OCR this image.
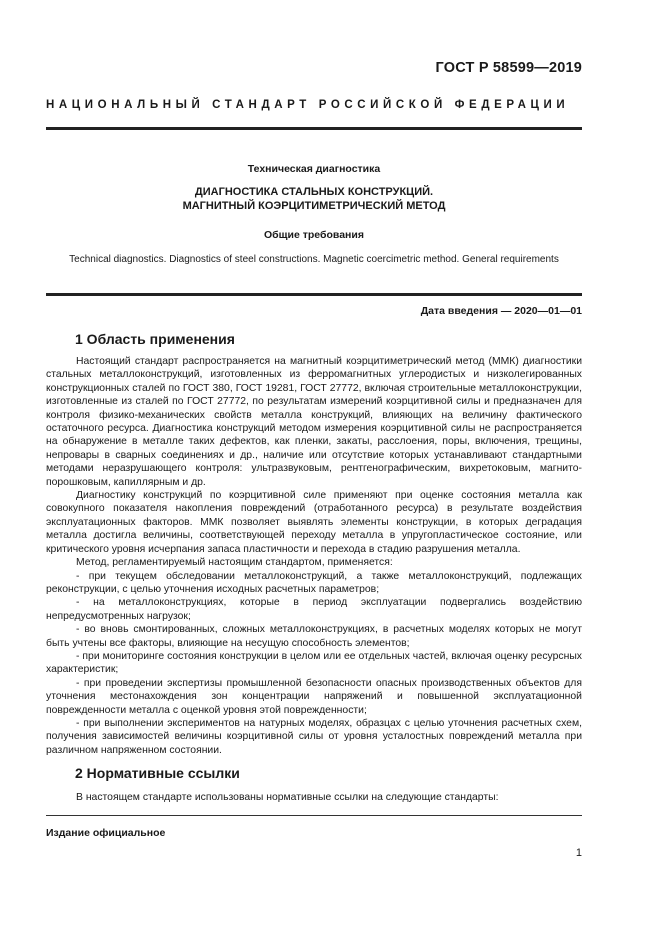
ГОСТ Р 58599—2019
НАЦИОНАЛЬНЫЙ СТАНДАРТ РОССИЙСКОЙ ФЕДЕРАЦИИ
Техническая диагностика
ДИАГНОСТИКА СТАЛЬНЫХ КОНСТРУКЦИЙ.
МАГНИТНЫЙ КОЭРЦИТИМЕТРИЧЕСКИЙ МЕТОД
Общие требования
Technical diagnostics. Diagnostics of steel constructions. Magnetic coercimetric method. General requirements
Дата введения — 2020—01—01
1 Область применения

Настоящий стандарт распространяется на магнитный коэрцитиметрический метод (ММК) диагностики стальных металлоконструкций, изготовленных из ферромагнитных углеродистых и низколегированных конструкционных сталей по ГОСТ 380, ГОСТ 19281, ГОСТ 27772, включая строительные металлоконструкции, изготовленные из сталей по ГОСТ 27772, по результатам измерений коэрцитивной силы и предназначен для контроля физико-механических свойств металла конструкций, влияющих на величину фактического остаточного ресурса. Диагностика конструкций методом измерения коэрцитивной силы не распространяется на обнаружение в металле таких дефектов, как пленки, закаты, расслоения, поры, включения, трещины, непровары в сварных соединениях и др., наличие или отсутствие которых устанавливают стандартными методами неразрушающего контроля: ультразвуковым, рентгенографическим, вихретоковым, магнито-порошковым, капиллярным и др.

Диагностику конструкций по коэрцитивной силе применяют при оценке состояния металла как совокупного показателя накопления повреждений (отработанного ресурса) в результате воздействия эксплуатационных факторов. ММК позволяет выявлять элементы конструкции, в которых деградация металла достигла величины, соответствующей переходу металла в упругопластическое состояние, или критического уровня исчерпания запаса пластичности и перехода в стадию разрушения металла.

Метод, регламентируемый настоящим стандартом, применяется:

- при текущем обследовании металлоконструкций, а также металлоконструкций, подлежащих реконструкции, с целью уточнения исходных расчетных параметров;

- на металлоконструкциях, которые в период эксплуатации подвергались воздействию непредусмотренных нагрузок;

- во вновь смонтированных, сложных металлоконструкциях, в расчетных моделях которых не могут быть учтены все факторы, влияющие на несущую способность элементов;

- при мониторинге состояния конструкции в целом или ее отдельных частей, включая оценку ресурсных характеристик;

- при проведении экспертизы промышленной безопасности опасных производственных объектов для уточнения местонахождения зон концентрации напряжений и повышенной эксплуатационной поврежденности металла с оценкой уровня этой поврежденности;

- при выполнении экспериментов на натурных моделях, образцах с целью уточнения расчетных схем, получения зависимостей величины коэрцитивной силы от уровня усталостных повреждений металла при различном напряженном состоянии.

2 Нормативные ссылки

В настоящем стандарте использованы нормативные ссылки на следующие стандарты:

Издание официальное
1
